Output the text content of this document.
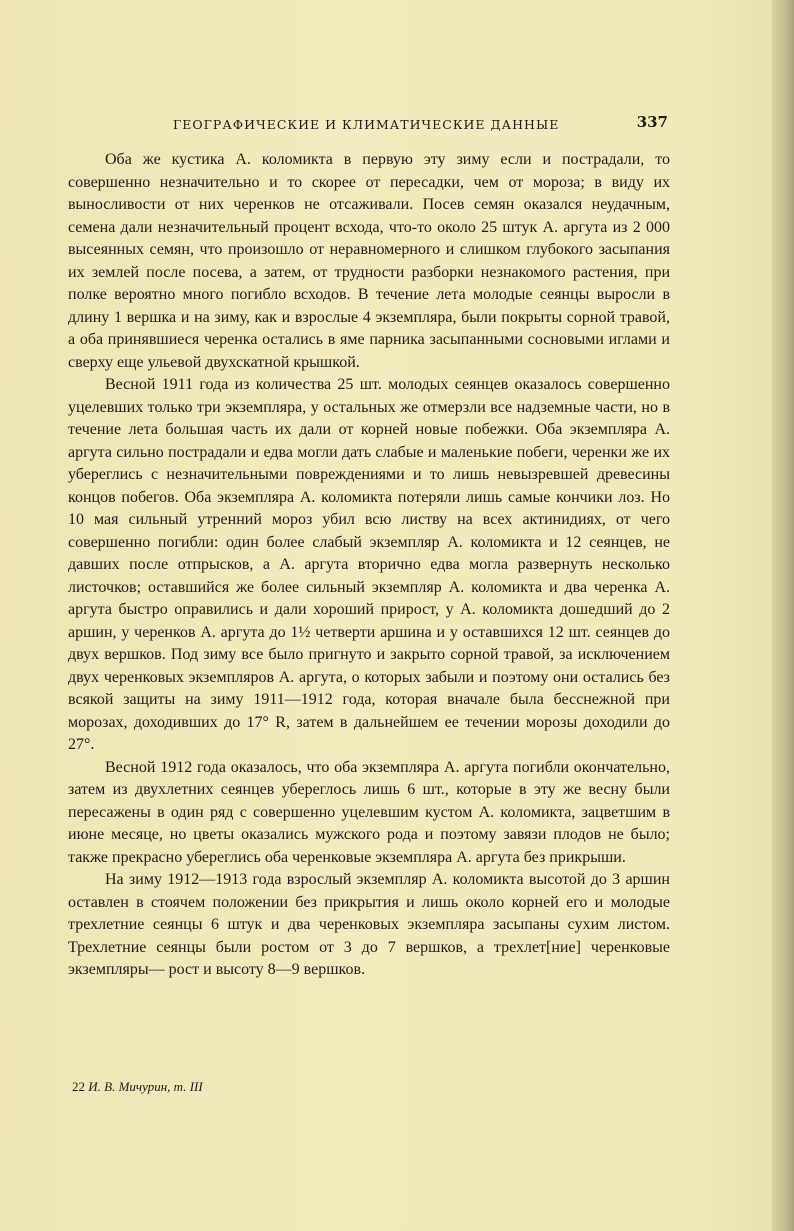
ГЕОГРАФИЧЕСКИЕ И КЛИМАТИЧЕСКИЕ ДАННЫЕ	337

Оба же кустика А. коломикта в первую эту зиму если и пострадали, то совершенно незначительно и то скорее от пересадки, чем от мороза; в виду их выносливости от них черенков не отсаживали. Посев семян оказался неудачным, семена дали незначительный процент всхода, что-то около 25 штук А. аргута из 2 000 высеянных семян, что произошло от неравномерного и слишком глубокого засыпания их землей после посева, а затем, от трудности разборки незнакомого растения, при полке вероятно много погибло всходов. В течение лета молодые сеянцы выросли в длину 1 вершка и на зиму, как и взрослые 4 экземпляра, были покрыты сорной травой, а оба принявшиеся черенка остались в яме парника засыпанными сосновыми иглами и сверху еще ульевой двухскатной крышкой.

Весной 1911 года из количества 25 шт. молодых сеянцев оказалось совершенно уцелевших только три экземпляра, у остальных же отмерзли все надземные части, но в течение лета большая часть их дали от корней новые побежки. Оба экземпляра А. аргута сильно пострадали и едва могли дать слабые и маленькие побеги, черенки же их уберeглись с незначительными повреждениями и то лишь невызревшей древесины концов побегов. Оба экземпляра А. коломикта потеряли лишь самые кончики лоз. Но 10 мая сильный утренний мороз убил всю листву на всех актинидиях, от чего совершенно погибли: один более слабый экземпляр А. коломикта и 12 сеянцев, не давших после отпрысков, а А. аргута вторично едва могла развернуть несколько листочков; оставшийся же более сильный экземпляр А. коломикта и два черенка А. аргута быстро оправились и дали хороший прирост, у А. коломикта дошедший до 2 аршин, у черенков А. аргута до 1½ четверти аршина и у оставшихся 12 шт. сеянцев до двух вершков. Под зиму все было пригнуто и закрыто сорной травой, за исключением двух черенковых экземпляров А. аргута, о которых забыли и поэтому они остались без всякой защиты на зиму 1911—1912 года, которая вначале была бесснежной при морозах, доходивших до 17° R, затем в дальнейшем ее течении морозы доходили до 27°.

Весной 1912 года оказалось, что оба экземпляра А. аргута погибли окончательно, затем из двухлетних сеянцев уберeглось лишь 6 шт., которые в эту же весну были пересажены в один ряд с совершенно уцелевшим кустом А. коломикта, зацветшим в июне месяце, но цветы оказались мужского рода и поэтому завязи плодов не было; также прекрасно уберeглись оба черенковые экземпляра А. аргута без прикрыши.

На зиму 1912—1913 года взрослый экземпляр А. коломикта высотой до 3 аршин оставлен в стоячем положении без прикрытия и лишь около корней его и молодые трехлетние сеянцы 6 штук и два черенковых экземпляра засыпаны сухим листом. Трехлетние сеянцы были ростом от 3 до 7 вершков, а трехлет[ние] черенковые экземпляры— рост и высоту 8—9 вершков.

22 И. В. Мичурин, т. III
